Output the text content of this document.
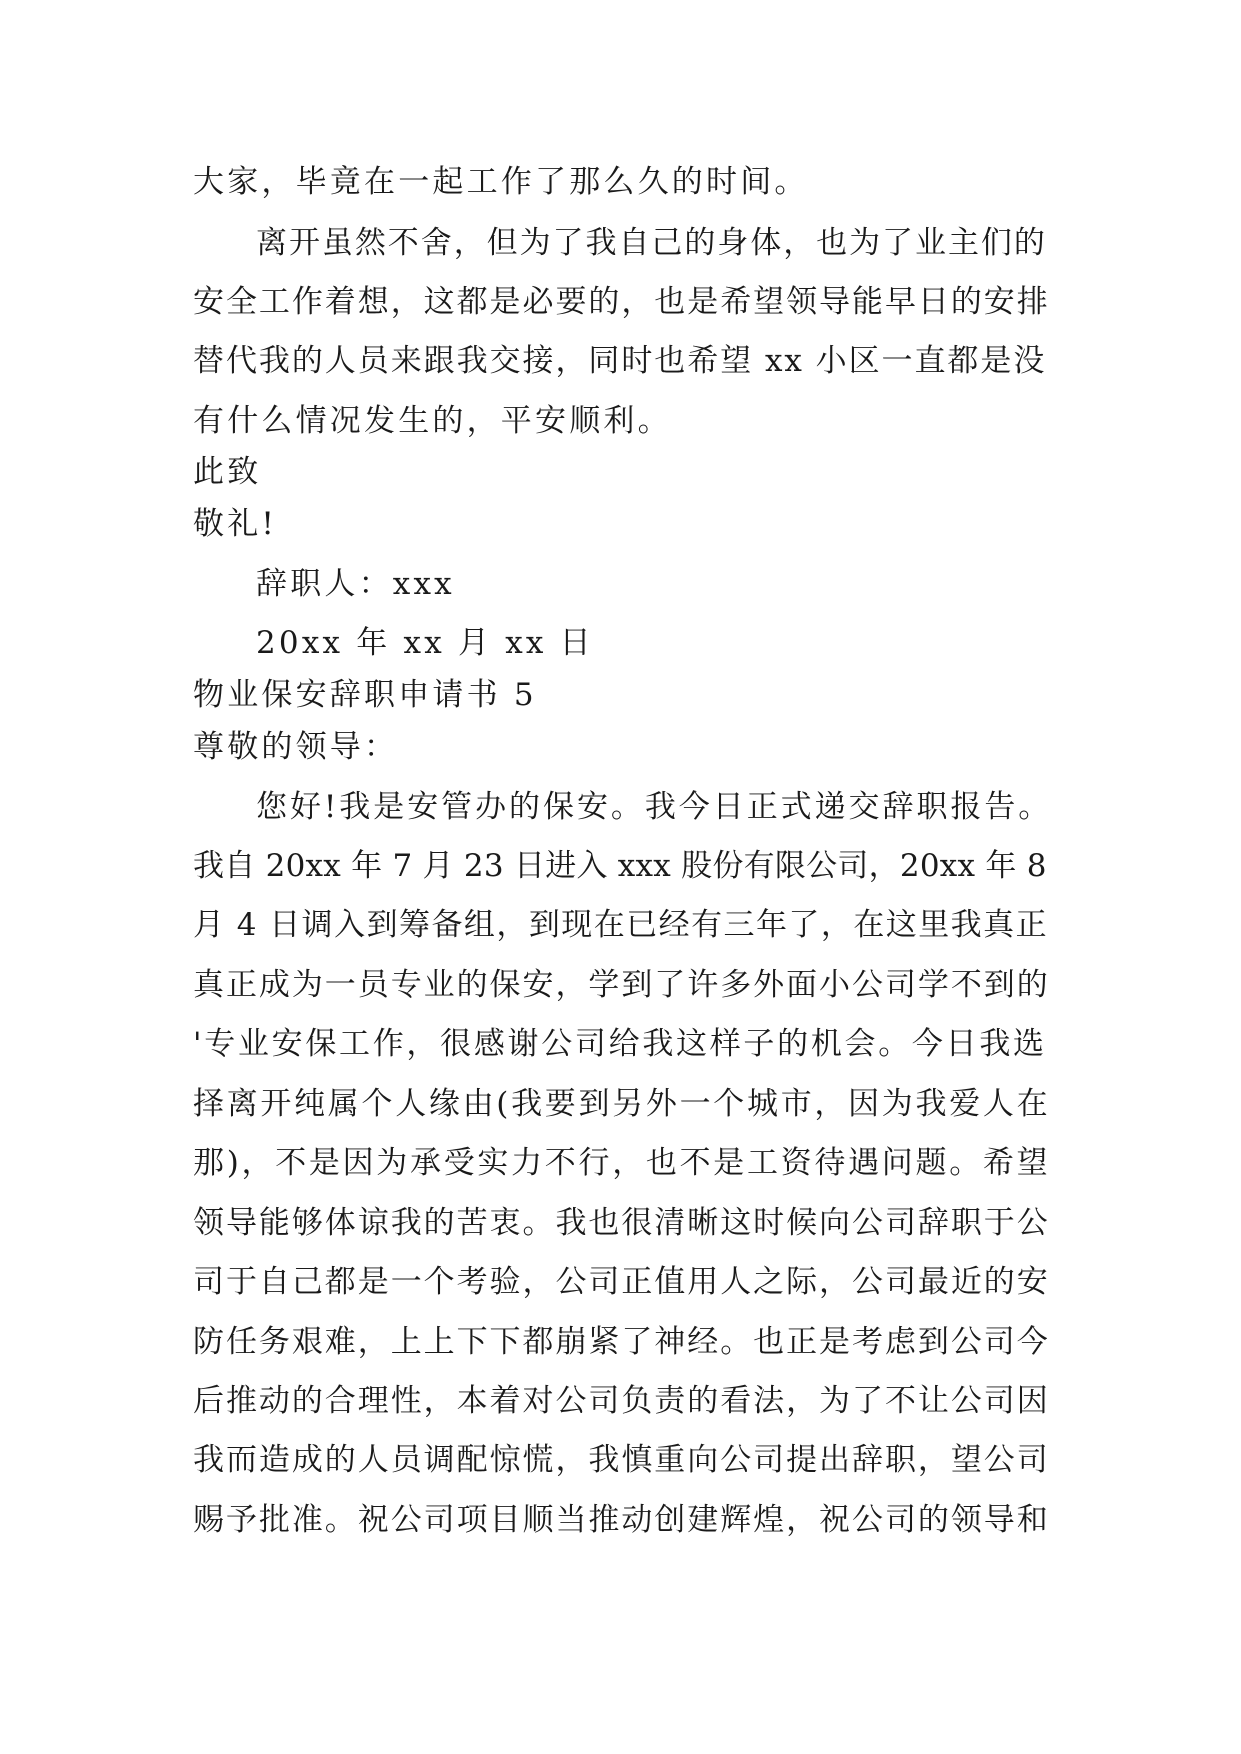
大家，毕竟在一起工作了那么久的时间。
离开虽然不舍，但为了我自己的身体，也为了业主们的
安全工作着想，这都是必要的，也是希望领导能早日的安排
替代我的人员来跟我交接，同时也希望 xx 小区一直都是没
有什么情况发生的，平安顺利。
此致
敬礼!
辞职人：xxx
20xx 年 xx 月 xx 日
物业保安辞职申请书 5
尊敬的领导：
您好!我是安管办的保安。我今日正式递交辞职报告。
我自 20xx 年 7 月 23 日进入 xxx 股份有限公司，20xx 年 8
月 4 日调入到筹备组，到现在已经有三年了，在这里我真正
真正成为一员专业的保安，学到了许多外面小公司学不到的
'专业安保工作，很感谢公司给我这样子的机会。今日我选
择离开纯属个人缘由(我要到另外一个城市，因为我爱人在
那)，不是因为承受实力不行，也不是工资待遇问题。希望
领导能够体谅我的苦衷。我也很清晰这时候向公司辞职于公
司于自己都是一个考验，公司正值用人之际，公司最近的安
防任务艰难，上上下下都崩紧了神经。也正是考虑到公司今
后推动的合理性，本着对公司负责的看法，为了不让公司因
我而造成的人员调配惊慌，我慎重向公司提出辞职，望公司
赐予批准。祝公司项目顺当推动创建辉煌，祝公司的领导和
